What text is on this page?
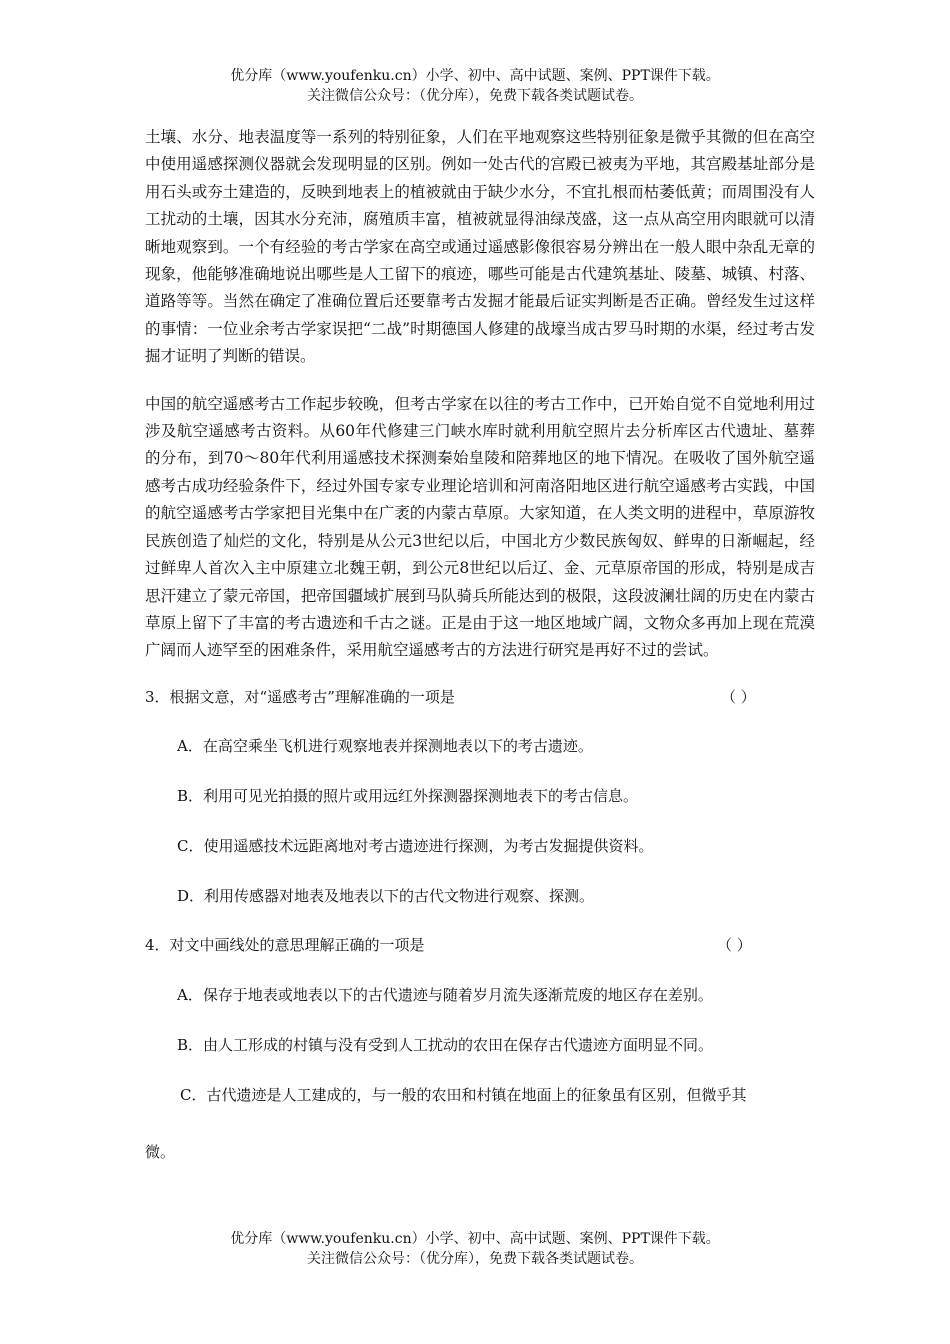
优分库（www.youfenku.cn）小学、初中、高中试题、案例、PPT课件下载。
关注微信公众号：（优分库），免费下载各类试题试卷。

土壤、水分、地表温度等一系列的特别征象，人们在平地观察这些特别征象是微乎其微的但在高空中使用遥感探测仪器就会发现明显的区别。例如一处古代的宫殿已被夷为平地，其宫殿基址部分是用石头或夯土建造的，反映到地表上的植被就由于缺少水分，不宜扎根而枯萎低黄；而周围没有人工扰动的土壤，因其水分充沛，腐殖质丰富，植被就显得油绿茂盛，这一点从高空用肉眼就可以清晰地观察到。一个有经验的考古学家在高空或通过遥感影像很容易分辨出在一般人眼中杂乱无章的现象，他能够准确地说出哪些是人工留下的痕迹，哪些可能是古代建筑基址、陵墓、城镇、村落、道路等等。当然在确定了准确位置后还要靠考古发掘才能最后证实判断是否正确。曾经发生过这样的事情：一位业余考古学家误把“二战”时期德国人修建的战壕当成古罗马时期的水渠，经过考古发掘才证明了判断的错误。

中国的航空遥感考古工作起步较晚，但考古学家在以往的考古工作中，已开始自觉不自觉地利用过涉及航空遥感考古资料。从60年代修建三门峡水库时就利用航空照片去分析库区古代遗址、墓葬的分布，到70～80年代利用遥感技术探测秦始皇陵和陪葬地区的地下情况。在吸收了国外航空遥感考古成功经验条件下，经过外国专家专业理论培训和河南洛阳地区进行航空遥感考古实践，中国的航空遥感考古学家把目光集中在广袤的内蒙古草原。大家知道，在人类文明的进程中，草原游牧民族创造了灿烂的文化，特别是从公元3世纪以后，中国北方少数民族匈奴、鲜卑的日渐崛起，经过鲜卑人首次入主中原建立北魏王朝，到公元8世纪以后辽、金、元草原帝国的形成，特别是成吉思汗建立了蒙元帝国，把帝国疆域扩展到马队骑兵所能达到的极限，这段波澜壮阔的历史在内蒙古草原上留下了丰富的考古遗迹和千古之谜。正是由于这一地区地域广阔，文物众多再加上现在荒漠广阔而人迹罕至的困难条件，采用航空遥感考古的方法进行研究是再好不过的尝试。

3．根据文意，对“遥感考古”理解准确的一项是	（ ）

A．在高空乘坐飞机进行观察地表并探测地表以下的考古遗迹。

B．利用可见光拍摄的照片或用远红外探测器探测地表下的考古信息。

C．使用遥感技术远距离地对考古遗迹进行探测，为考古发掘提供资料。

D．利用传感器对地表及地表以下的古代文物进行观察、探测。

4．对文中画线处的意思理解正确的一项是	（ ）

A．保存于地表或地表以下的古代遗迹与随着岁月流失逐渐荒废的地区存在差别。

B．由人工形成的村镇与没有受到人工扰动的农田在保存古代遗迹方面明显不同。

C．古代遗迹是人工建成的，与一般的农田和村镇在地面上的征象虽有区别，但微乎其

微。

优分库（www.youfenku.cn）小学、初中、高中试题、案例、PPT课件下载。
关注微信公众号：（优分库），免费下载各类试题试卷。
